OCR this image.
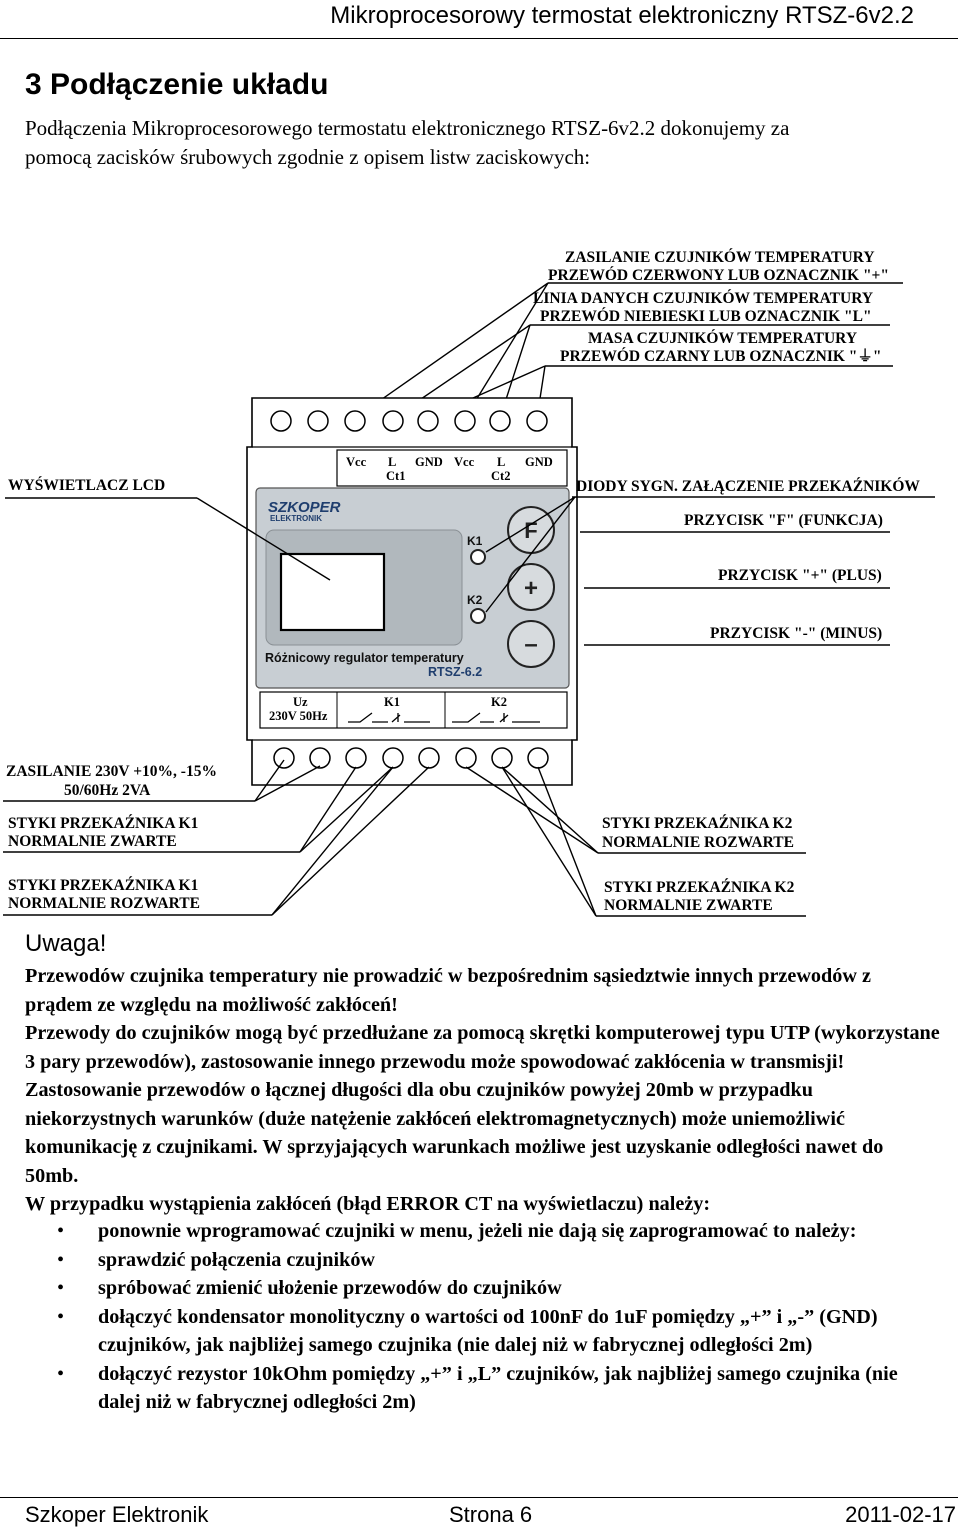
Mikroprocesorowy termostat elektroniczny RTSZ-6v2.2
3 Podłączenie układu
Podłączenia Mikroprocesorowego termostatu elektronicznego RTSZ-6v2.2 dokonujemy za
pomocą zacisków śrubowych zgodnie z opisem listw zaciskowych:
ZASILANIE CZUJNIKÓW TEMPERATURY
PRZEWÓD CZERWONY LUB OZNACZNIK "+"
LINIA DANYCH CZUJNIKÓW TEMPERATURY
PRZEWÓD NIEBIESKI LUB OZNACZNIK "L"
MASA CZUJNIKÓW TEMPERATURY
PRZEWÓD CZARNY LUB OZNACZNIK "⏚"
Vcc L GND Vcc L GND
Ct1	Ct2
SZKOPER
ELEKTRONIK
K1
K2
F
+
–
Różnicowy regulator temperatury
RTSZ-6.2
Uz
230V 50Hz
K1	K2
WYŚWIETLACZ LCD
ZASILANIE 230V +10%, -15%
50/60Hz 2VA
STYKI PRZEKAŹNIKA K1
NORMALNIE ZWARTE
STYKI PRZEKAŹNIKA K1
NORMALNIE ROZWARTE
DIODY SYGN. ZAŁĄCZENIE PRZEKAŹNIKÓW
PRZYCISK "F" (FUNKCJA)
PRZYCISK "+" (PLUS)
PRZYCISK "-" (MINUS)
STYKI PRZEKAŹNIKA K2
NORMALNIE ROZWARTE
STYKI PRZEKAŹNIKA K2
NORMALNIE ZWARTE
Uwaga!

Przewodów czujnika temperatury nie prowadzić w bezpośrednim sąsiedztwie innych przewodów z prądem ze względu na możliwość zakłóceń!

Przewody do czujników mogą być przedłużane za pomocą skrętki komputerowej typu UTP (wykorzystane 3 pary przewodów), zastosowanie innego przewodu może spowodować zakłócenia w transmisji! Zastosowanie przewodów o łącznej długości dla obu czujników powyżej 20mb w przypadku niekorzystnych warunków (duże natężenie zakłóceń elektromagnetycznych) może uniemożliwić komunikację z czujnikami. W sprzyjających warunkach możliwe jest uzyskanie odległości nawet do 50mb.

W przypadku wystąpienia zakłóceń (błąd ERROR CT na wyświetlaczu) należy:

• ponownie wprogramować czujniki w menu, jeżeli nie dają się zaprogramować to należy:
• sprawdzić połączenia czujników
• spróbować zmienić ułożenie przewodów do czujników
• dołączyć kondensator monolityczny o wartości od 100nF do 1uF pomiędzy „+” i „-” (GND) czujników, jak najbliżej samego czujnika (nie dalej niż w fabrycznej odległości 2m)
• dołączyć rezystor 10kOhm pomiędzy „+” i „L” czujników, jak najbliżej samego czujnika (nie dalej niż w fabrycznej odległości 2m)
Szkoper Elektronik	Strona 6	2011-02-17
